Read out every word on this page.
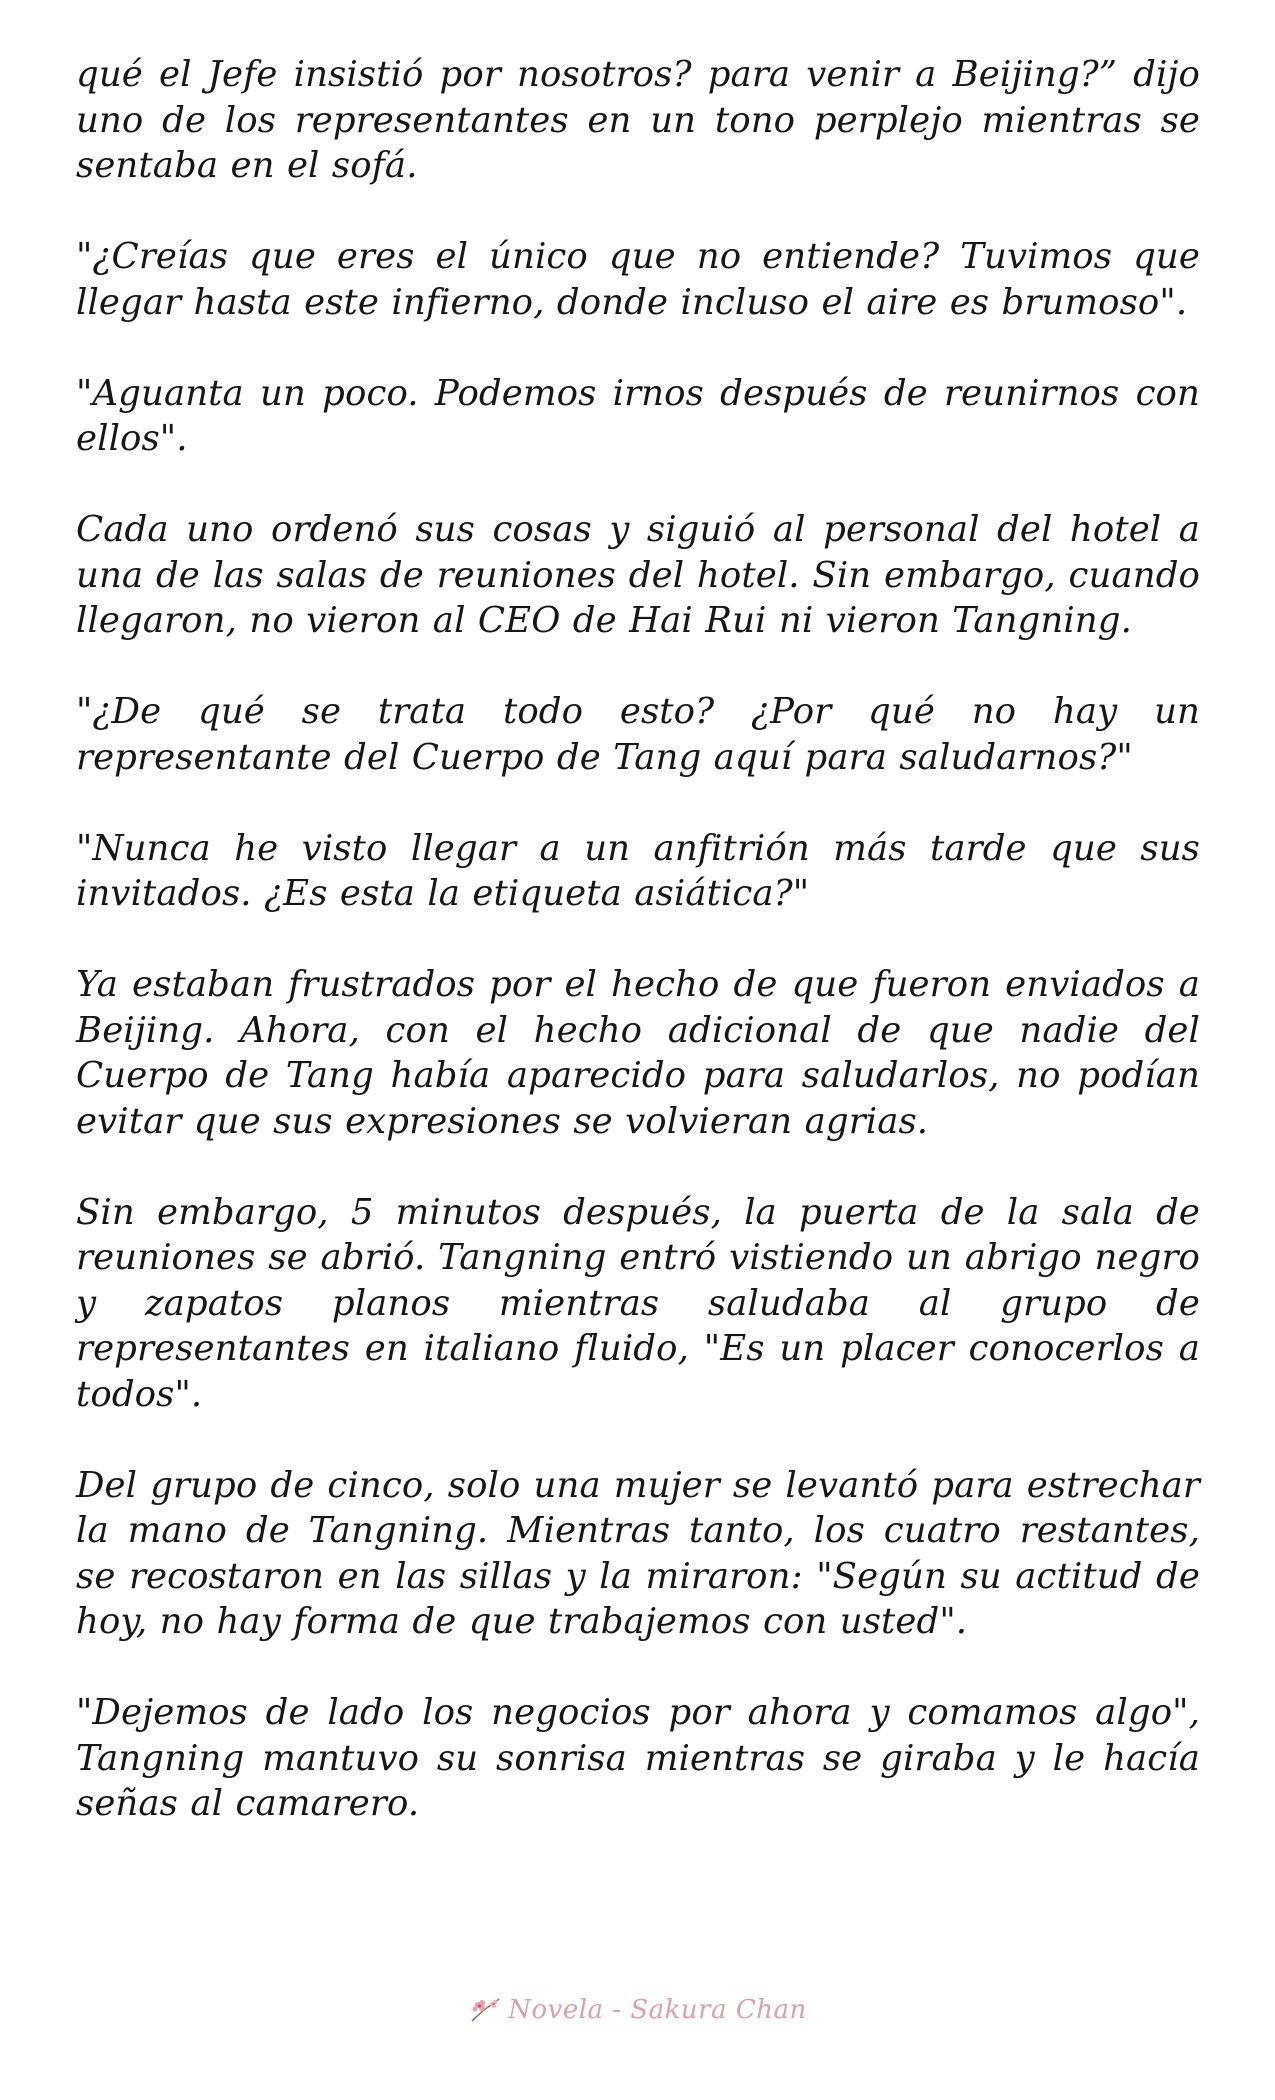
qué el Jefe insistió por nosotros? para venir a Beijing?” dijo uno de los representantes en un tono perplejo mientras se sentaba en el sofá.

"¿Creías que eres el único que no entiende? Tuvimos que llegar hasta este infierno, donde incluso el aire es brumoso".

"Aguanta un poco. Podemos irnos después de reunirnos con ellos".

Cada uno ordenó sus cosas y siguió al personal del hotel a una de las salas de reuniones del hotel. Sin embargo, cuando llegaron, no vieron al CEO de Hai Rui ni vieron Tangning.

"¿De qué se trata todo esto? ¿Por qué no hay un representante del Cuerpo de Tang aquí para saludarnos?"

"Nunca he visto llegar a un anfitrión más tarde que sus invitados. ¿Es esta la etiqueta asiática?"

Ya estaban frustrados por el hecho de que fueron enviados a Beijing. Ahora, con el hecho adicional de que nadie del Cuerpo de Tang había aparecido para saludarlos, no podían evitar que sus expresiones se volvieran agrias.

Sin embargo, 5 minutos después, la puerta de la sala de reuniones se abrió. Tangning entró vistiendo un abrigo negro y zapatos planos mientras saludaba al grupo de representantes en italiano fluido, "Es un placer conocerlos a todos".

Del grupo de cinco, solo una mujer se levantó para estrechar la mano de Tangning. Mientras tanto, los cuatro restantes, se recostaron en las sillas y la miraron: "Según su actitud de hoy, no hay forma de que trabajemos con usted".

"Dejemos de lado los negocios por ahora y comamos algo", Tangning mantuvo su sonrisa mientras se giraba y le hacía señas al camarero.

Novela - Sakura Chan
